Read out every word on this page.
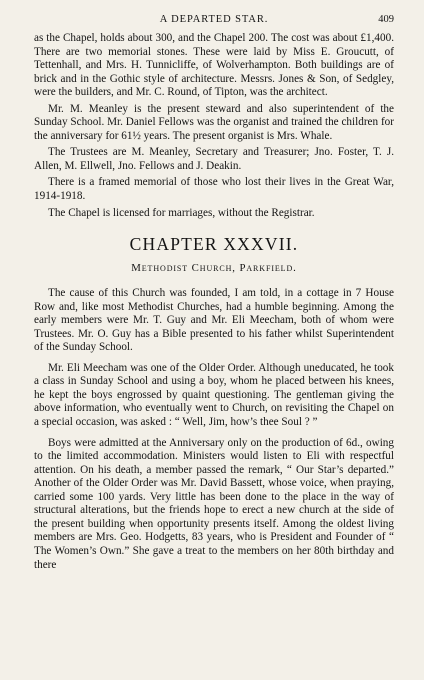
A DEPARTED STAR.	409

as the Chapel, holds about 300, and the Chapel 200. The cost was about £1,400. There are two memorial stones. These were laid by Miss E. Groucutt, of Tettenhall, and Mrs. H. Tunnicliffe, of Wolverhampton. Both buildings are of brick and in the Gothic style of architecture. Messrs. Jones & Son, of Sedgley, were the builders, and Mr. C. Round, of Tipton, was the architect.

Mr. M. Meanley is the present steward and also superintendent of the Sunday School. Mr. Daniel Fellows was the organist and trained the children for the anniversary for 61½ years. The present organist is Mrs. Whale.

The Trustees are M. Meanley, Secretary and Treasurer; Jno. Foster, T. J. Allen, M. Ellwell, Jno. Fellows and J. Deakin.

There is a framed memorial of those who lost their lives in the Great War, 1914-1918.

The Chapel is licensed for marriages, without the Registrar.

CHAPTER XXXVII.
Methodist Church, Parkfield.

The cause of this Church was founded, I am told, in a cottage in 7 House Row and, like most Methodist Churches, had a humble beginning. Among the early members were Mr. T. Guy and Mr. Eli Meecham, both of whom were Trustees. Mr. O. Guy has a Bible presented to his father whilst Superintendent of the Sunday School.

Mr. Eli Meecham was one of the Older Order. Although uneducated, he took a class in Sunday School and using a boy, whom he placed between his knees, he kept the boys engrossed by quaint questioning. The gentleman giving the above information, who eventually went to Church, on revisiting the Chapel on a special occasion, was asked : “ Well, Jim, how’s thee Soul ? ”

Boys were admitted at the Anniversary only on the production of 6d., owing to the limited accommodation. Ministers would listen to Eli with respectful attention. On his death, a member passed the remark, “ Our Star’s departed.” Another of the Older Order was Mr. David Bassett, whose voice, when praying, carried some 100 yards. Very little has been done to the place in the way of structural alterations, but the friends hope to erect a new church at the side of the present building when opportunity presents itself. Among the oldest living members are Mrs. Geo. Hodgetts, 83 years, who is President and Founder of “ The Women’s Own.” She gave a treat to the members on her 80th birthday and there
